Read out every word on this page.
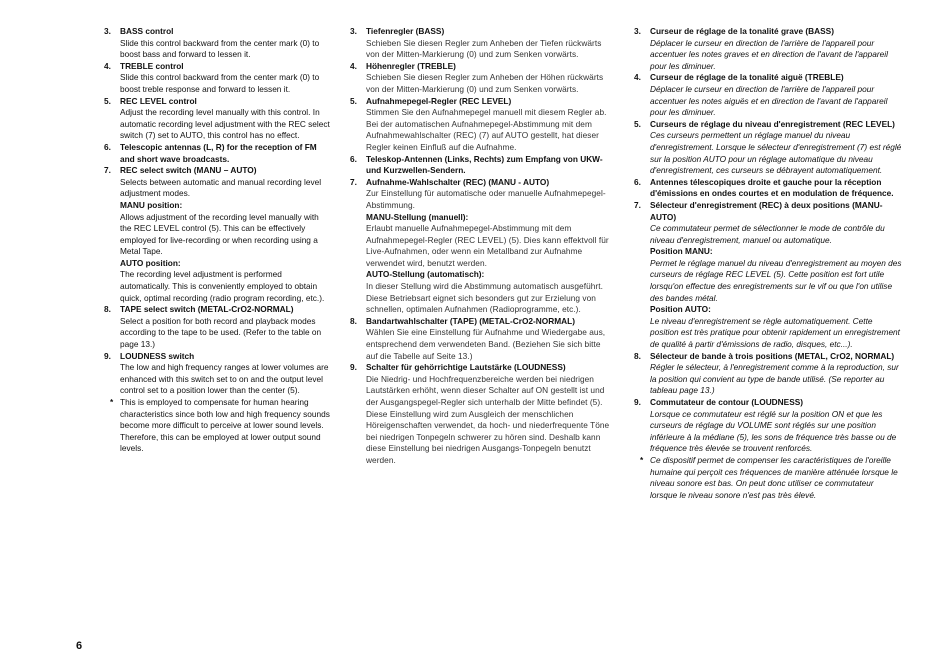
3. BASS control
Slide this control backward from the center mark (0) to boost bass and forward to lessen it.
4. TREBLE control
Slide this control backward from the center mark (0) to boost treble response and forward to lessen it.
5. REC LEVEL control
Adjust the recording level manually with this control. In automatic recording level adjustment with the REC select switch (7) set to AUTO, this control has no effect.
6. Telescopic antennas (L, R) for the reception of FM and short wave broadcasts.
7. REC select switch (MANU – AUTO)
Selects between automatic and manual recording level adjustment modes.
MANU position:
Allows adjustment of the recording level manually with the REC LEVEL control (5). This can be effectively employed for live-recording or when recording using a Metal Tape.
AUTO position:
The recording level adjustment is performed automatically. This is conveniently employed to obtain quick, optimal recording (radio program recording, etc.).
8. TAPE select switch (METAL-CrO2-NORMAL)
Select a position for both record and playback modes according to the tape to be used. (Refer to the table on page 13.)
9. LOUDNESS switch
The low and high frequency ranges at lower volumes are enhanced with this switch set to on and the output level control set to a position lower than the center (5).
* This is employed to compensate for human hearing characteristics since both low and high frequency sounds become more difficult to perceive at lower sound levels. Therefore, this can be employed at lower output sound levels.
3. Tiefenregler (BASS)
Schieben Sie diesen Regler zum Anheben der Tiefen rückwärts von der Mitten-Markierung (0) und zum Senken vorwärts.
4. Höhenregler (TREBLE)
Schieben Sie diesen Regler zum Anheben der Höhen rückwärts von der Mitten-Markierung (0) und zum Senken vorwärts.
5. Aufnahmepegel-Regler (REC LEVEL)
Stimmen Sie den Aufnahmepegel manuell mit diesem Regler ab. Bei der automatischen Aufnahmepegel-Abstimmung mit dem Aufnahmewahlschalter (REC) (7) auf AUTO gestellt, hat dieser Regler keinen Einfluß auf die Aufnahme.
6. Teleskop-Antennen (Links, Rechts) zum Empfang von UKW- und Kurzwellen-Sendern.
7. Aufnahme-Wahlschalter (REC) (MANU - AUTO)
Zur Einstellung für automatische oder manuelle Aufnahmepegel-Abstimmung.
MANU-Stellung (manuell):
Erlaubt manuelle Aufnahmepegel-Abstimmung mit dem Aufnahmepegel-Regler (REC LEVEL) (5). Dies kann effektvoll für Live-Aufnahmen, oder wenn ein Metallband zur Aufnahme verwendet wird, benutzt werden.
AUTO-Stellung (automatisch):
In dieser Stellung wird die Abstimmung automatisch ausgeführt. Diese Betriebsart eignet sich besonders gut zur Erzielung von schnellen, optimalen Aufnahmen (Radioprogramme, etc.).
8. Bandartwahlschalter (TAPE) (METAL-CrO2-NORMAL)
Wählen Sie eine Einstellung für Aufnahme und Wiedergabe aus, entsprechend dem verwendeten Band. (Beziehen Sie sich bitte auf die Tabelle auf Seite 13.)
9. Schalter für gehörrichtige Lautstärke (LOUDNESS)
Die Niedrig- und Hochfrequenzbereiche werden bei niedrigen Lautstärken erhöht, wenn dieser Schalter auf ON gestellt ist und der Ausgangspegel-Regler sich unterhalb der Mitte befindet (5).
Diese Einstellung wird zum Ausgleich der menschlichen Höreigenschaften verwendet, da hoch- und niederfrequente Töne bei niedrigen Tonpegeln schwerer zu hören sind. Deshalb kann diese Einstellung bei niedrigen Ausgangs-Tonpegeln benutzt werden.
3. Curseur de réglage de la tonalité grave (BASS)
Déplacer le curseur en direction de l'arrière de l'appareil pour accentuer les notes graves et en direction de l'avant de l'appareil pour les diminuer.
4. Curseur de réglage de la tonalité aiguë (TREBLE)
Déplacer le curseur en direction de l'arrière de l'appareil pour accentuer les notes aiguës et en direction de l'avant de l'appareil pour les diminuer.
5. Curseurs de réglage du niveau d'enregistrement (REC LEVEL)
Ces curseurs permettent un réglage manuel du niveau d'enregistrement. Lorsque le sélecteur d'enregistrement (7) est réglé sur la position AUTO pour un réglage automatique du niveau d'enregistrement, ces curseurs se débrayent automatiquement.
6. Antennes télescopiques droite et gauche pour la réception d'émissions en ondes courtes et en modulation de fréquence.
7. Sélecteur d'enregistrement (REC) à deux positions (MANU-AUTO)
Ce commutateur permet de sélectionner le mode de contrôle du niveau d'enregistrement, manuel ou automatique.
Position MANU:
Permet le réglage manuel du niveau d'enregistrement au moyen des curseurs de réglage REC LEVEL (5). Cette position est fort utile lorsqu'on effectue des enregistrements sur le vif ou que l'on utilise des bandes métal.
Position AUTO:
Le niveau d'enregistrement se règle automatiquement. Cette position est très pratique pour obtenir rapidement un enregistrement de qualité à partir d'émissions de radio, disques, etc...).
8. Sélecteur de bande à trois positions (METAL, CrO2, NORMAL)
Régler le sélecteur, à l'enregistrement comme à la reproduction, sur la position qui convient au type de bande utilisé. (Se reporter au tableau page 13.)
9. Commutateur de contour (LOUDNESS)
Lorsque ce commutateur est réglé sur la position ON et que les curseurs de réglage du VOLUME sont réglés sur une position inférieure à la médiane (5), les sons de fréquence très basse ou de fréquence très élevée se trouvent renforcés.
* Ce dispositif permet de compenser les caractéristiques de l'oreille humaine qui perçoit ces fréquences de manière atténuée lorsque le niveau sonore est bas. On peut donc utiliser ce commutateur lorsque le niveau sonore n'est pas très élevé.
6
